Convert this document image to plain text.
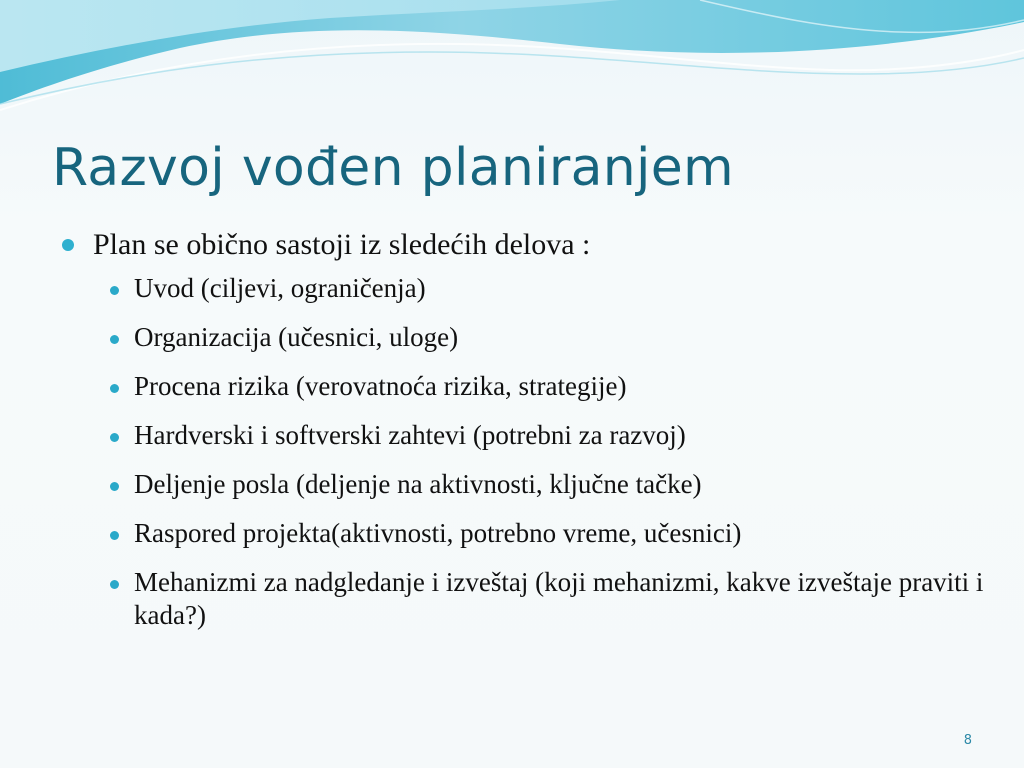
Razvoj vođen planiranjem
Plan se obično sastoji iz sledećih delova :
Uvod (ciljevi, ograničenja)
Organizacija (učesnici, uloge)
Procena rizika (verovatnoća rizika, strategije)
Hardverski i softverski zahtevi (potrebni za razvoj)
Deljenje posla (deljenje na aktivnosti, ključne tačke)
Raspored projekta(aktivnosti, potrebno vreme, učesnici)
Mehanizmi za nadgledanje i izveštaj (koji mehanizmi, kakve izveštaje praviti i kada?)
8
